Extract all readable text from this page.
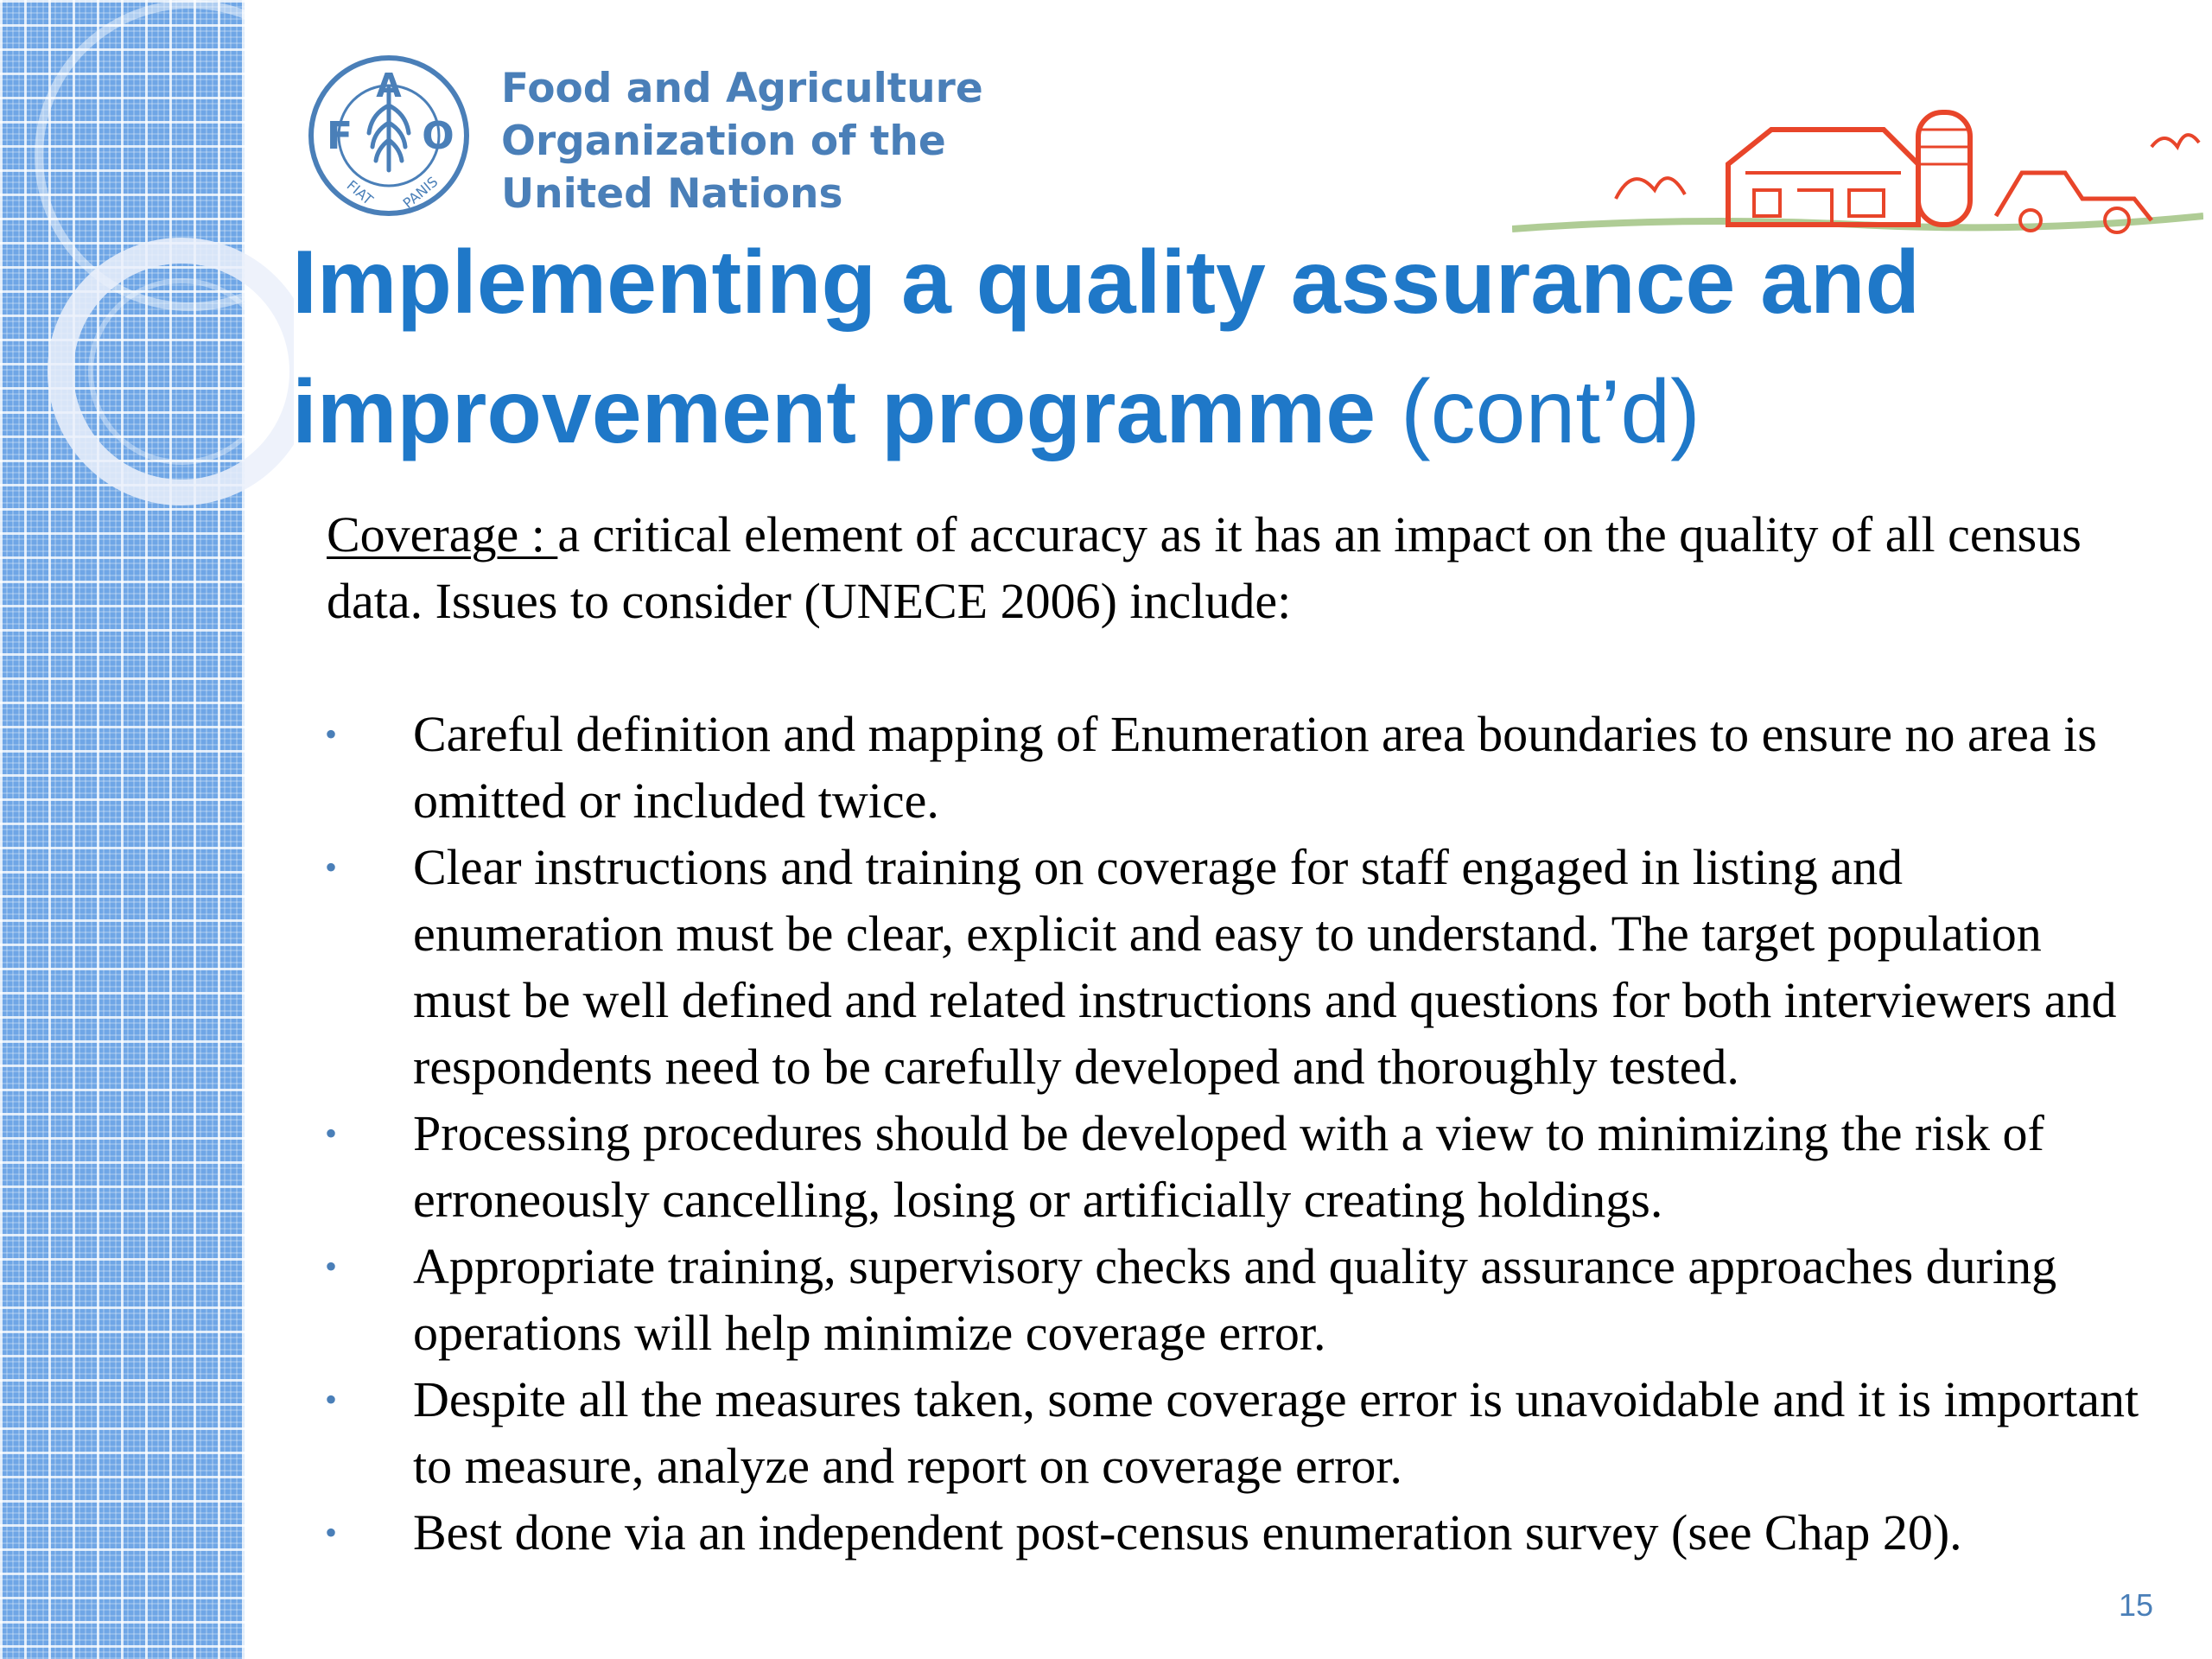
F
A
O
FIAT PANIS
Food and Agriculture
Organization of the
United Nations
Implementing a quality assurance and
improvement programme (cont’d)

Coverage : a critical element of accuracy as it has an impact on the quality of all census data. Issues to consider (UNECE 2006) include:

• Careful definition and mapping of Enumeration area boundaries to ensure no area is omitted or included twice.
• Clear instructions and training on coverage for staff engaged in listing and enumeration must be clear, explicit and easy to understand. The target population must be well defined and related instructions and questions for both interviewers and respondents need to be carefully developed and thoroughly tested.
• Processing procedures should be developed with a view to minimizing the risk of erroneously cancelling, losing or artificially creating holdings.
• Appropriate training, supervisory checks and quality assurance approaches during operations will help minimize coverage error.
• Despite all the measures taken, some coverage error is unavoidable and it is important to measure, analyze and report on coverage error.
• Best done via an independent post-census enumeration survey (see Chap 20).
15
